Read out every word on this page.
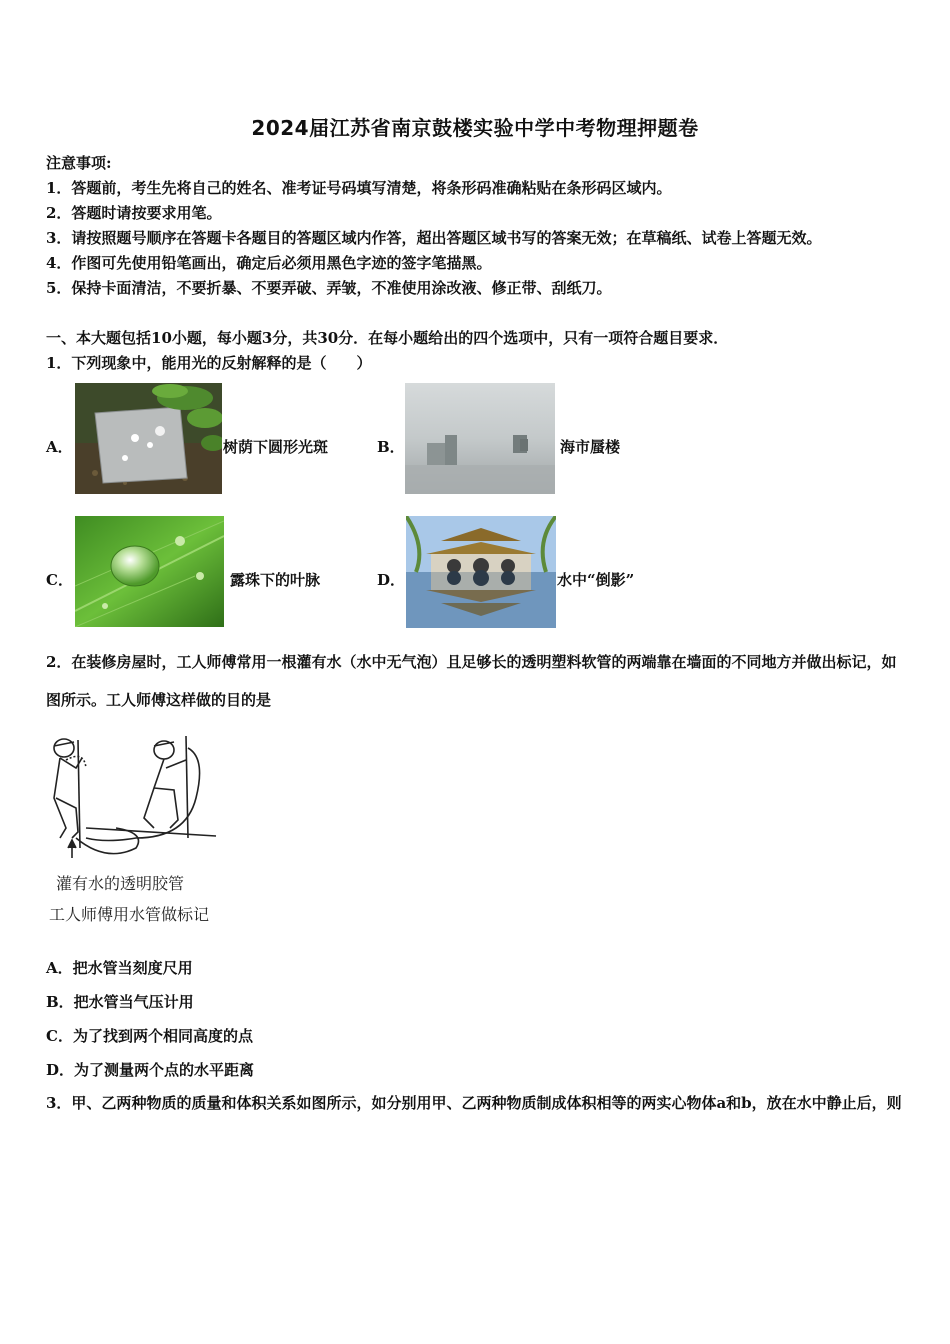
2024届江苏省南京鼓楼实验中学中考物理押题卷
注意事项:
1．答题前，考生先将自己的姓名、准考证号码填写清楚，将条形码准确粘贴在条形码区域内。
2．答题时请按要求用笔。
3．请按照题号顺序在答题卡各题目的答题区域内作答，超出答题区域书写的答案无效；在草稿纸、试卷上答题无效。
4．作图可先使用铅笔画出，确定后必须用黑色字迹的签字笔描黑。
5．保持卡面清洁，不要折暴、不要弄破、弄皱，不准使用涂改液、修正带、刮纸刀。
一、本大题包括10小题，每小题3分，共30分．在每小题给出的四个选项中，只有一项符合题目要求．
1．下列现象中，能用光的反射解释的是（　　）
A．	树荫下圆形光斑	B．	海市蜃楼
C．	露珠下的叶脉	D．	水中“倒影”
2．在装修房屋时，工人师傅常用一根灌有水（水中无气泡）且足够长的透明塑料软管的两端靠在墙面的不同地方并做出标记，如图所示。工人师傅这样做的目的是
灌有水的透明胶管
工人师傅用水管做标记
A．把水管当刻度尺用
B．把水管当气压计用
C．为了找到两个相同高度的点
D．为了测量两个点的水平距离
3．甲、乙两种物质的质量和体积关系如图所示，如分别用甲、乙两种物质制成体积相等的两实心物体a和b，放在水中静止后，则
